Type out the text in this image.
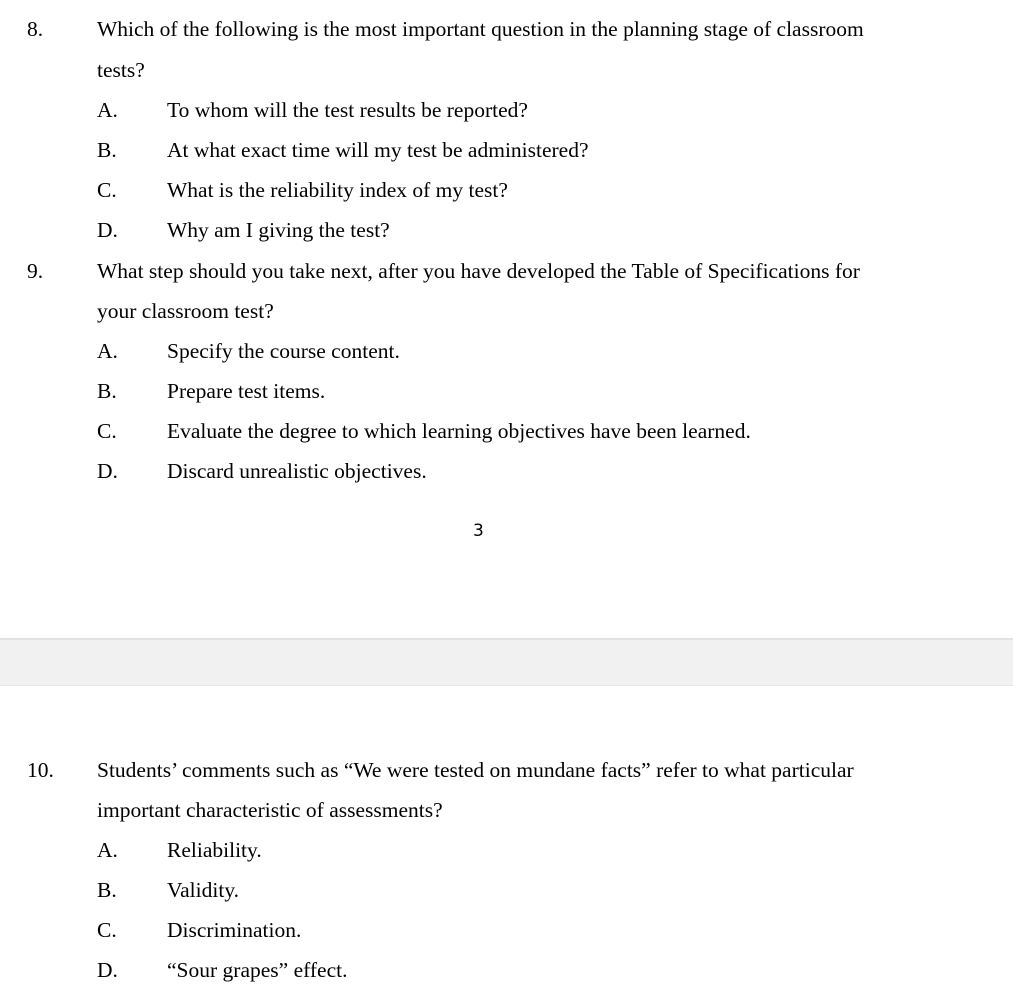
8.	Which of the following is the most important question in the planning stage of classroom
tests?
A. To whom will the test results be reported?
B. At what exact time will my test be administered?
C. What is the reliability index of my test?
D. Why am I giving the test?
9.	What step should you take next, after you have developed the Table of Specifications for
your classroom test?
A. Specify the course content.
B. Prepare test items.
C. Evaluate the degree to which learning objectives have been learned.
D. Discard unrealistic objectives.
3
10. Students’ comments such as “We were tested on mundane facts” refer to what particular
important characteristic of assessments?
A. Reliability.
B. Validity.
C. Discrimination.
D. “Sour grapes” effect.
